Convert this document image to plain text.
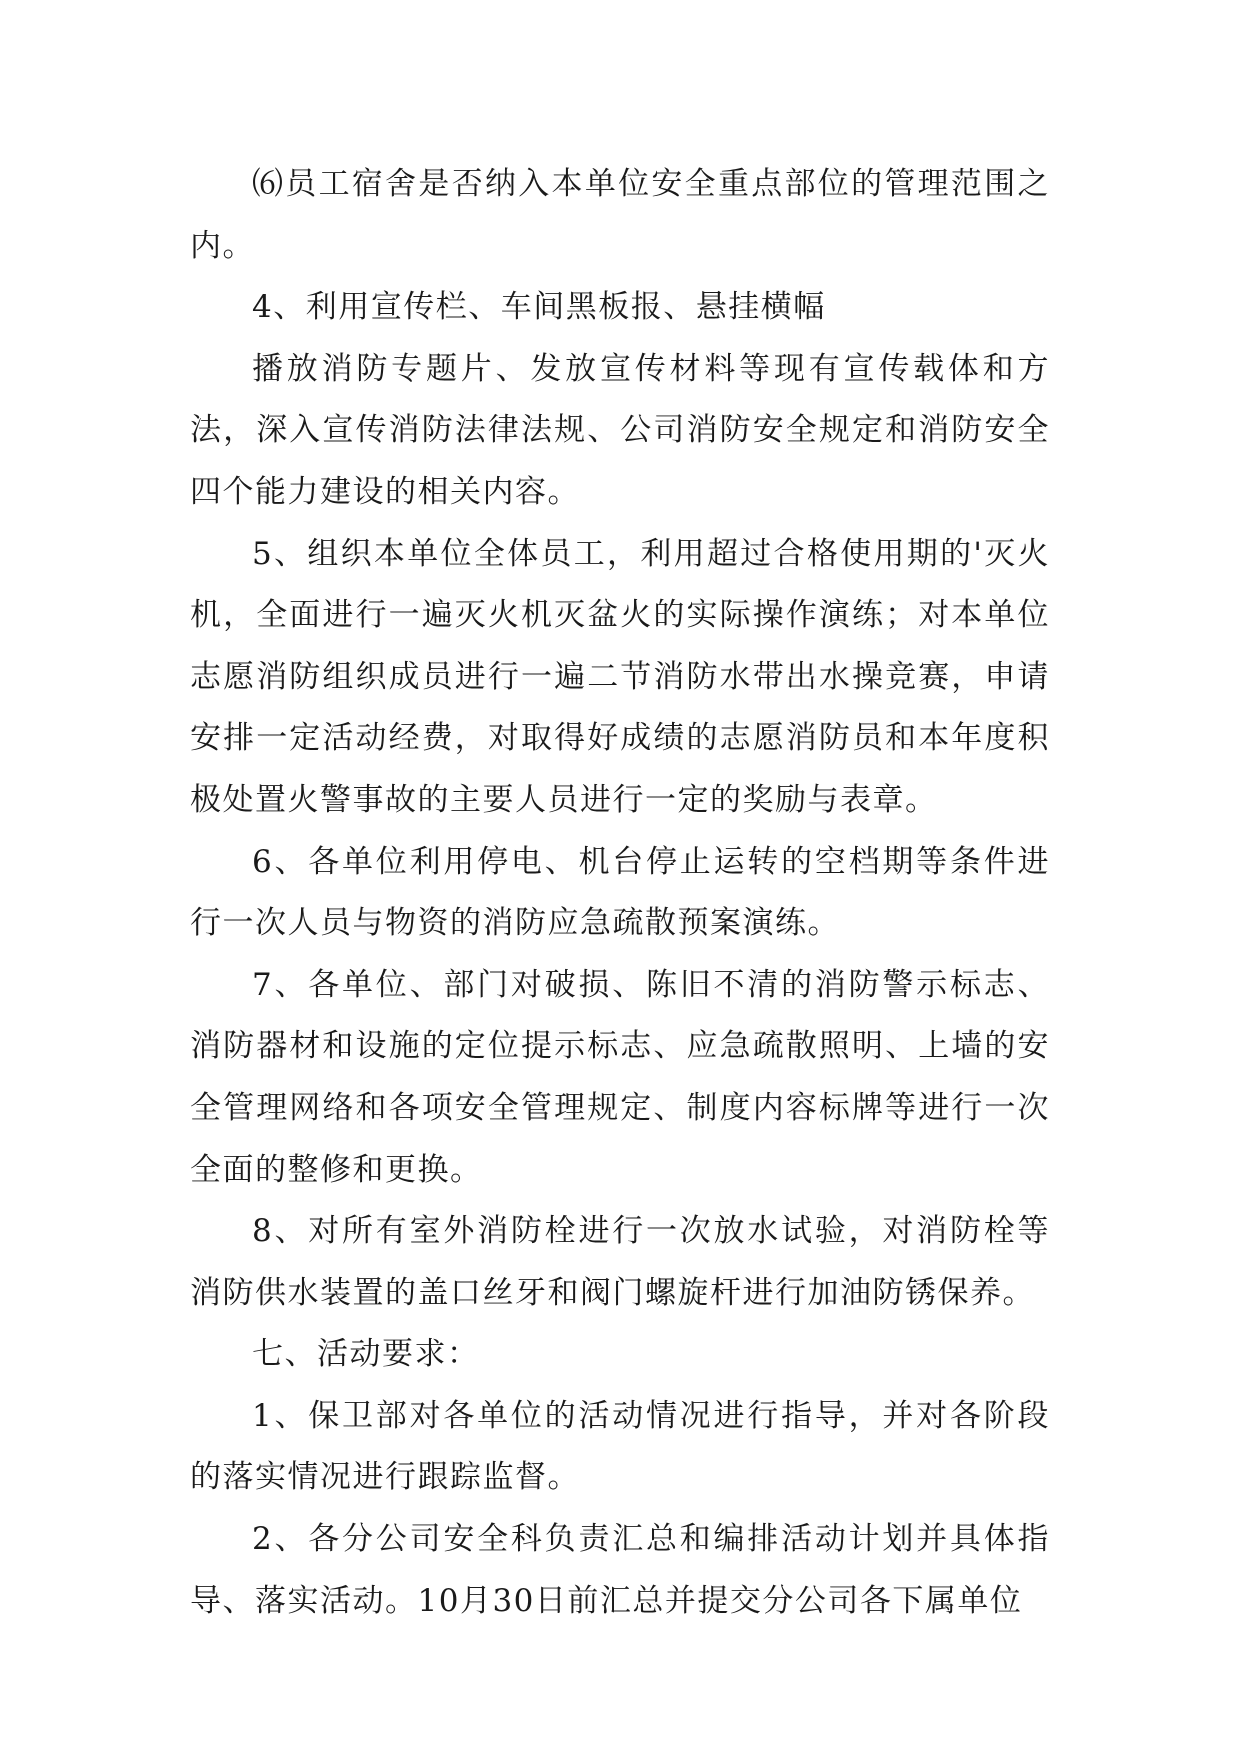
⑹员工宿舍是否纳入本单位安全重点部位的管理范围之内。

4、利用宣传栏、车间黑板报、悬挂横幅

播放消防专题片、发放宣传材料等现有宣传载体和方法，深入宣传消防法律法规、公司消防安全规定和消防安全四个能力建设的相关内容。

5、组织本单位全体员工，利用超过合格使用期的'灭火机，全面进行一遍灭火机灭盆火的实际操作演练；对本单位志愿消防组织成员进行一遍二节消防水带出水操竞赛，申请安排一定活动经费，对取得好成绩的志愿消防员和本年度积极处置火警事故的主要人员进行一定的奖励与表章。

6、各单位利用停电、机台停止运转的空档期等条件进行一次人员与物资的消防应急疏散预案演练。

7、各单位、部门对破损、陈旧不清的消防警示标志、消防器材和设施的定位提示标志、应急疏散照明、上墙的安全管理网络和各项安全管理规定、制度内容标牌等进行一次全面的整修和更换。

8、对所有室外消防栓进行一次放水试验，对消防栓等消防供水装置的盖口丝牙和阀门螺旋杆进行加油防锈保养。

七、活动要求：

1、保卫部对各单位的活动情况进行指导，并对各阶段的落实情况进行跟踪监督。

2、各分公司安全科负责汇总和编排活动计划并具体指导、落实活动。10月30日前汇总并提交分公司各下属单位
